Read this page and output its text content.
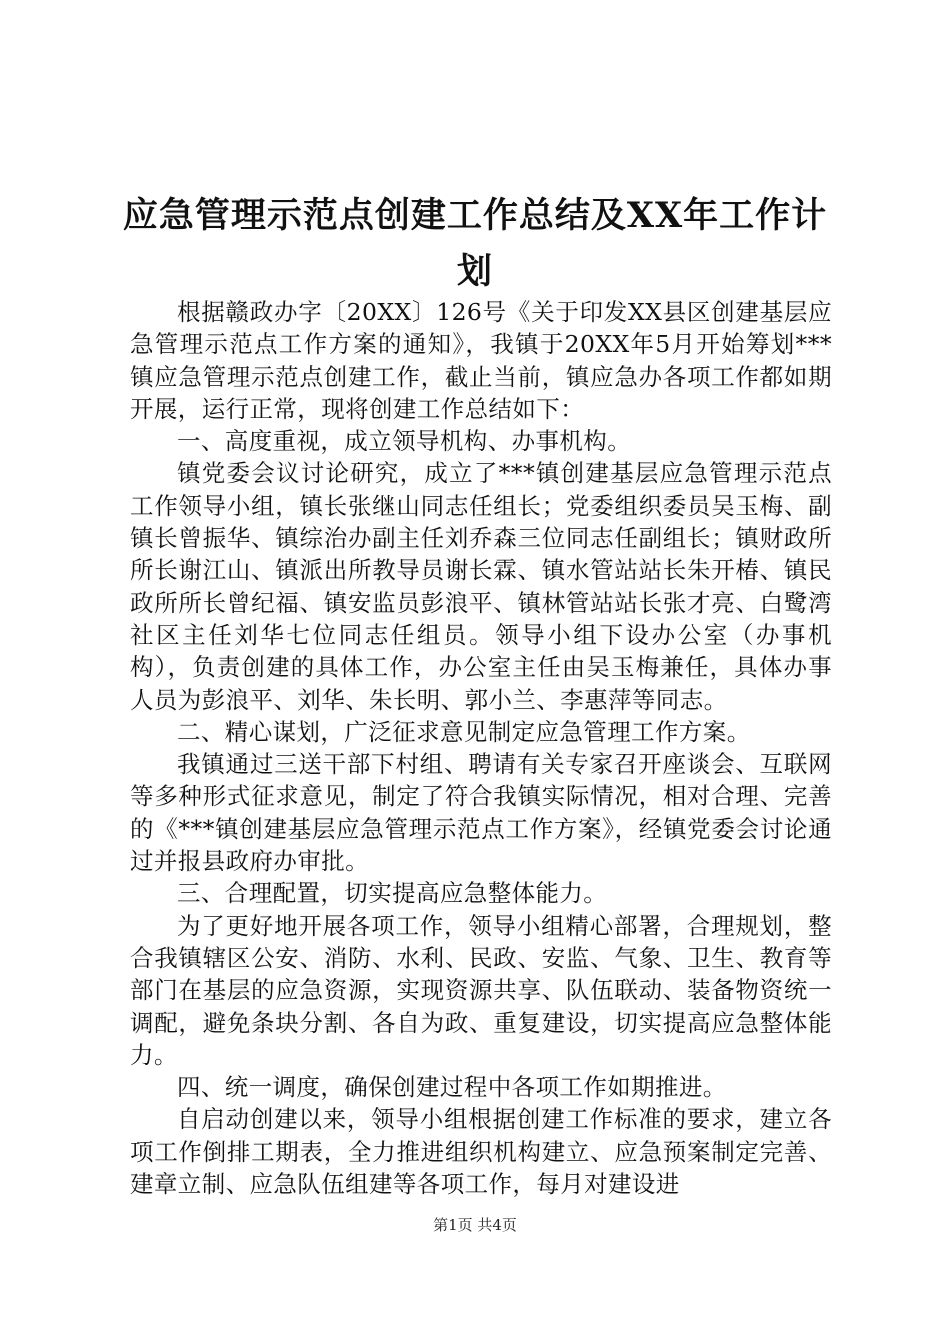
应急管理示范点创建工作总结及XX年工作计划

根据赣政办字〔20XX〕126号《关于印发XX县区创建基层应急管理示范点工作方案的通知》，我镇于20XX年5月开始筹划***镇应急管理示范点创建工作，截止当前，镇应急办各项工作都如期开展，运行正常，现将创建工作总结如下：

一、高度重视，成立领导机构、办事机构。

镇党委会议讨论研究，成立了***镇创建基层应急管理示范点工作领导小组，镇长张继山同志任组长；党委组织委员吴玉梅、副镇长曾振华、镇综治办副主任刘乔森三位同志任副组长；镇财政所所长谢江山、镇派出所教导员谢长霖、镇水管站站长朱开椿、镇民政所所长曾纪福、镇安监员彭浪平、镇林管站站长张才亮、白鹭湾社区主任刘华七位同志任组员。领导小组下设办公室（办事机构），负责创建的具体工作，办公室主任由吴玉梅兼任，具体办事人员为彭浪平、刘华、朱长明、郭小兰、李惠萍等同志。

二、精心谋划，广泛征求意见制定应急管理工作方案。

我镇通过三送干部下村组、聘请有关专家召开座谈会、互联网等多种形式征求意见，制定了符合我镇实际情况，相对合理、完善的《***镇创建基层应急管理示范点工作方案》，经镇党委会讨论通过并报县政府办审批。

三、合理配置，切实提高应急整体能力。

为了更好地开展各项工作，领导小组精心部署，合理规划，整合我镇辖区公安、消防、水利、民政、安监、气象、卫生、教育等部门在基层的应急资源，实现资源共享、队伍联动、装备物资统一调配，避免条块分割、各自为政、重复建设，切实提高应急整体能力。

四、统一调度，确保创建过程中各项工作如期推进。

自启动创建以来，领导小组根据创建工作标准的要求，建立各项工作倒排工期表，全力推进组织机构建立、应急预案制定完善、建章立制、应急队伍组建等各项工作，每月对建设进

第1页 共4页
